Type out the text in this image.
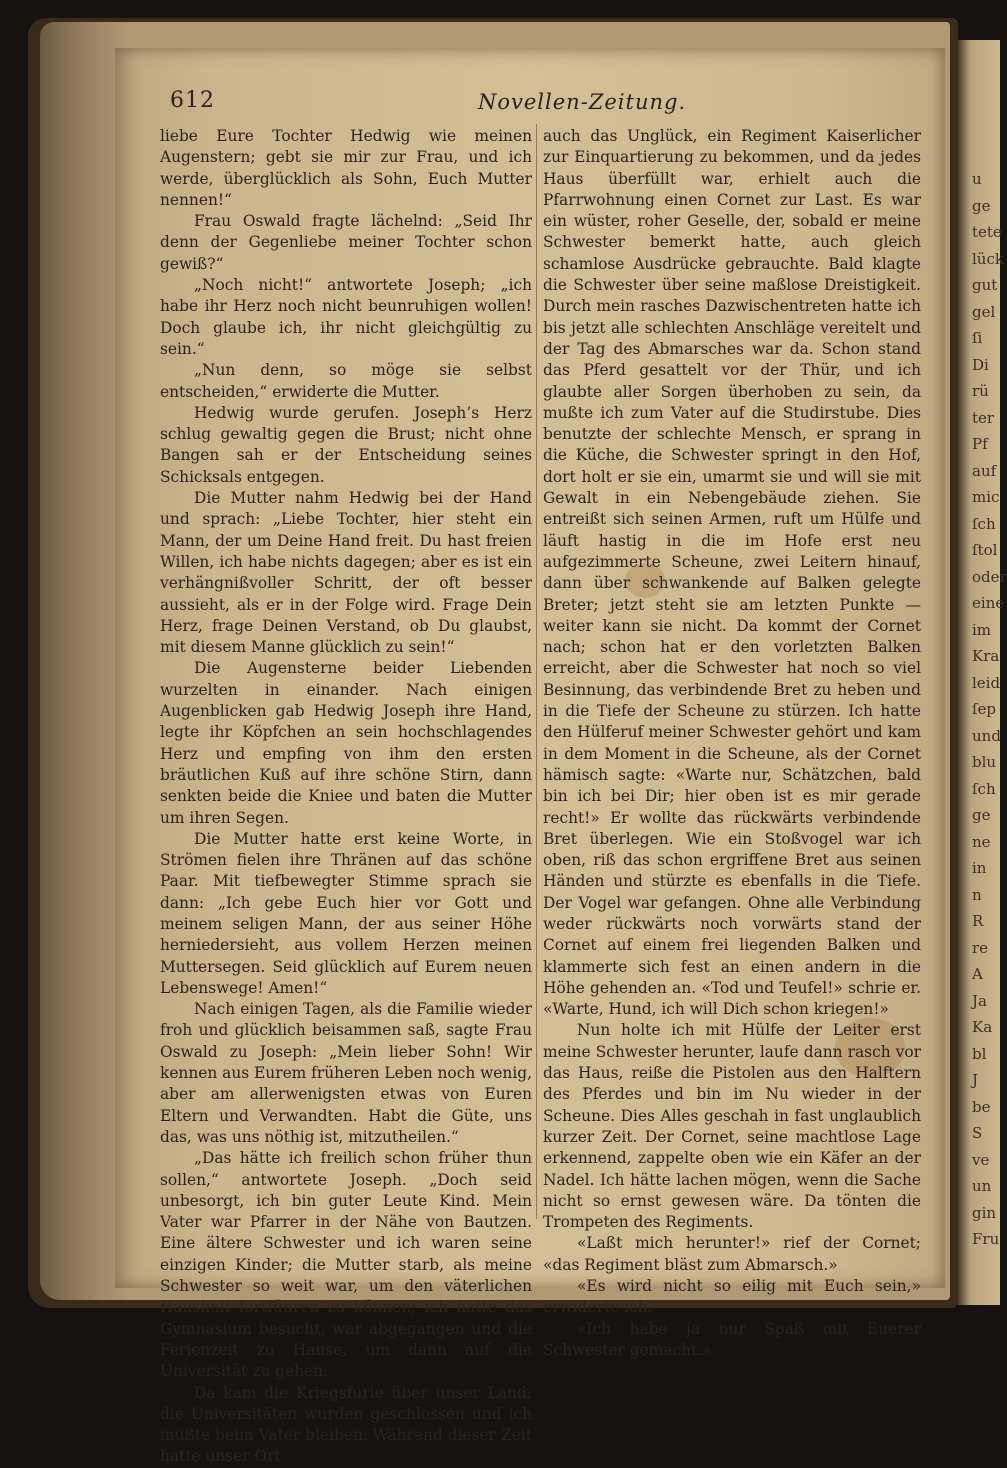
u
ge
tete
lück
gut
gel
ſi
Di
rü
ter
Pf
auf
mic
ſch
ſtol
oder
eine
im
Kra
leid
ſep
und
blu
ſch
ge
ne
in
n
R
re
A
Ja
Ka
bl
J
be
S
ve
un
gin
Fru
612	Novellen-Zeitung.

liebe Eure Tochter Hedwig wie meinen Augenstern; gebt sie mir zur Frau, und ich werde, überglücklich als Sohn, Euch Mutter nennen!“

Frau Oswald fragte lächelnd: „Seid Ihr denn der Gegenliebe meiner Tochter schon gewiß?“

„Noch nicht!“ antwortete Joseph; „ich habe ihr Herz noch nicht beunruhigen wollen! Doch glaube ich, ihr nicht gleichgültig zu sein.“

„Nun denn, so möge sie selbst entscheiden,“ erwiderte die Mutter.

Hedwig wurde gerufen. Joseph’s Herz schlug gewaltig gegen die Brust; nicht ohne Bangen sah er der Entscheidung seines Schicksals entgegen.

Die Mutter nahm Hedwig bei der Hand und sprach: „Liebe Tochter, hier steht ein Mann, der um Deine Hand freit. Du hast freien Willen, ich habe nichts dagegen; aber es ist ein verhängnißvoller Schritt, der oft besser aussieht, als er in der Folge wird. Frage Dein Herz, frage Deinen Verstand, ob Du glaubst, mit diesem Manne glücklich zu sein!“

Die Augensterne beider Liebenden wurzelten in einander. Nach einigen Augenblicken gab Hedwig Joseph ihre Hand, legte ihr Köpfchen an sein hochschlagendes Herz und empfing von ihm den ersten bräutlichen Kuß auf ihre schöne Stirn, dann senkten beide die Kniee und baten die Mutter um ihren Segen.

Die Mutter hatte erst keine Worte, in Strömen fielen ihre Thränen auf das schöne Paar. Mit tiefbewegter Stimme sprach sie dann: „Ich gebe Euch hier vor Gott und meinem seligen Mann, der aus seiner Höhe herniedersieht, aus vollem Herzen meinen Muttersegen. Seid glücklich auf Eurem neuen Lebenswege! Amen!“

Nach einigen Tagen, als die Familie wieder froh und glücklich beisammen saß, sagte Frau Oswald zu Joseph: „Mein lieber Sohn! Wir kennen aus Eurem früheren Leben noch wenig, aber am allerwenigsten etwas von Euren Eltern und Verwandten. Habt die Güte, uns das, was uns nöthig ist, mitzutheilen.“

„Das hätte ich freilich schon früher thun sollen,“ antwortete Joseph. „Doch seid unbesorgt, ich bin guter Leute Kind. Mein Vater war Pfarrer in der Nähe von Bautzen. Eine ältere Schwester und ich waren seine einzigen Kinder; die Mutter starb, als meine Schwester so weit war, um den väterlichen Haushalt fortführen zu können; ich hatte das Gymnasium besucht, war abgegangen und die Ferienzeit zu Hause, um dann auf die Universität zu gehen.

Da kam die Kriegsfurie über unser Land; die Universitäten wurden geschlossen und ich mußte beim Vater bleiben. Während dieser Zeit hatte unser Ort

auch das Unglück, ein Regiment Kaiserlicher zur Einquartierung zu bekommen, und da jedes Haus überfüllt war, erhielt auch die Pfarrwohnung einen Cornet zur Last. Es war ein wüster, roher Geselle, der, sobald er meine Schwester bemerkt hatte, auch gleich schamlose Ausdrücke gebrauchte. Bald klagte die Schwester über seine maßlose Dreistigkeit. Durch mein rasches Dazwischentreten hatte ich bis jetzt alle schlechten Anschläge vereitelt und der Tag des Abmarsches war da. Schon stand das Pferd gesattelt vor der Thür, und ich glaubte aller Sorgen überhoben zu sein, da mußte ich zum Vater auf die Studirstube. Dies benutzte der schlechte Mensch, er sprang in die Küche, die Schwester springt in den Hof, dort holt er sie ein, umarmt sie und will sie mit Gewalt in ein Nebengebäude ziehen. Sie entreißt sich seinen Armen, ruft um Hülfe und läuft hastig in die im Hofe erst neu aufgezimmerte Scheune, zwei Leitern hinauf, dann über schwankende auf Balken gelegte Breter; jetzt steht sie am letzten Punkte — weiter kann sie nicht. Da kommt der Cornet nach; schon hat er den vorletzten Balken erreicht, aber die Schwester hat noch so viel Besinnung, das verbindende Bret zu heben und in die Tiefe der Scheune zu stürzen. Ich hatte den Hülferuf meiner Schwester gehört und kam in dem Moment in die Scheune, als der Cornet hämisch sagte: «Warte nur, Schätzchen, bald bin ich bei Dir; hier oben ist es mir gerade recht!» Er wollte das rückwärts verbindende Bret überlegen. Wie ein Stoßvogel war ich oben, riß das schon ergriffene Bret aus seinen Händen und stürzte es ebenfalls in die Tiefe. Der Vogel war gefangen. Ohne alle Verbindung weder rückwärts noch vorwärts stand der Cornet auf einem frei liegenden Balken und klammerte sich fest an einen andern in die Höhe gehenden an. «Tod und Teufel!» schrie er. «Warte, Hund, ich will Dich schon kriegen!»

Nun holte ich mit Hülfe der Leiter erst meine Schwester herunter, laufe dann rasch vor das Haus, reiße die Pistolen aus den Halftern des Pferdes und bin im Nu wieder in der Scheune. Dies Alles geschah in fast unglaublich kurzer Zeit. Der Cornet, seine machtlose Lage erkennend, zappelte oben wie ein Käfer an der Nadel. Ich hätte lachen mögen, wenn die Sache nicht so ernst gewesen wäre. Da tönten die Trompeten des Regiments.

«Laßt mich herunter!» rief der Cornet; «das Regiment bläst zum Abmarsch.»

«Es wird nicht so eilig mit Euch sein,» erwiderte ich.

«Ich habe ja nur Spaß mit Euerer Schwester gemacht.»
